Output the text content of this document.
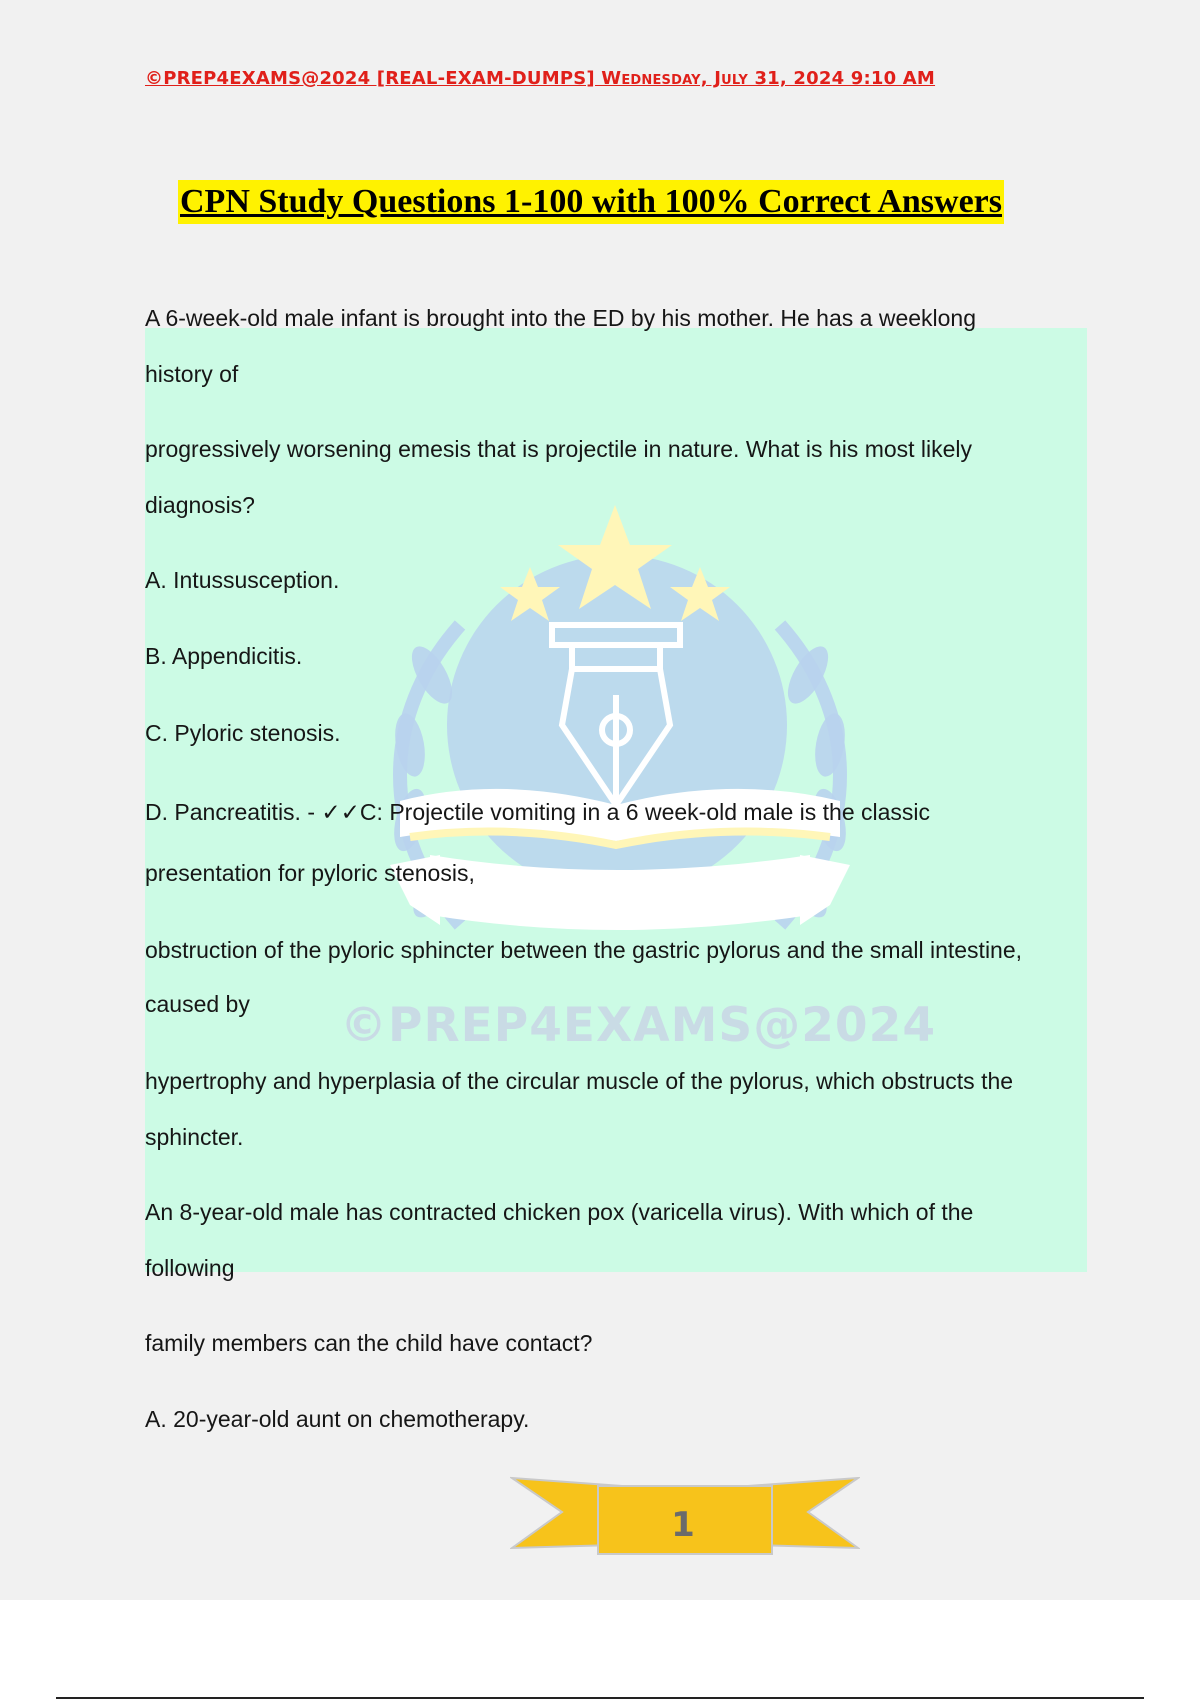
©PREP4EXAMS@2024
©PREP4EXAMS@2024 [REAL-EXAM-DUMPS] Wednesday, July 31, 2024 9:10 AM
CPN Study Questions 1-100 with 100% Correct Answers
A 6-week-old male infant is brought into the ED by his mother. He has a weeklong
history of
progressively worsening emesis that is projectile in nature. What is his most likely
diagnosis?
A. Intussusception.
B. Appendicitis.
C. Pyloric stenosis.
D. Pancreatitis. - ✓✓C: Projectile vomiting in a 6 week-old male is the classic
presentation for pyloric stenosis,
obstruction of the pyloric sphincter between the gastric pylorus and the small intestine,
caused by
hypertrophy and hyperplasia of the circular muscle of the pylorus, which obstructs the
sphincter.
An 8-year-old male has contracted chicken pox (varicella virus). With which of the
following
family members can the child have contact?
A. 20-year-old aunt on chemotherapy.
1
